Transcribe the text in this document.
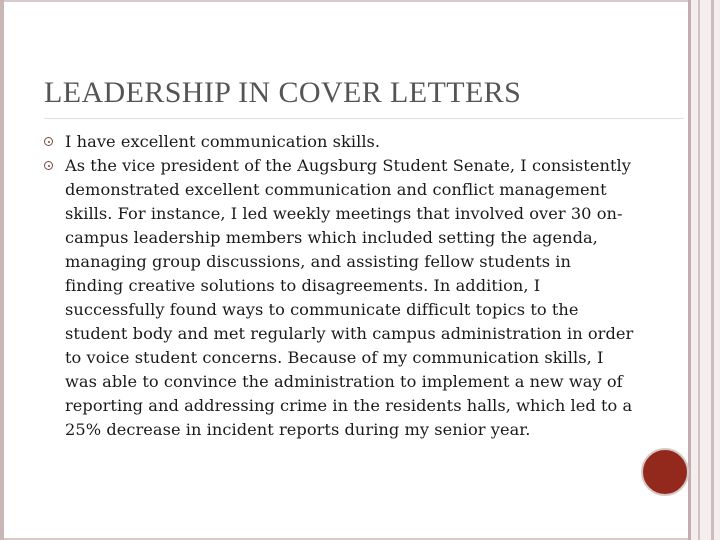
LEADERSHIP IN COVER LETTERS
I have excellent communication skills.
As the vice president of the Augsburg Student Senate, I consistently demonstrated excellent communication and conflict management skills. For instance, I led weekly meetings that involved over 30 on-campus leadership members which included setting the agenda, managing group discussions, and assisting fellow students in finding creative solutions to disagreements. In addition, I successfully found ways to communicate difficult topics to the student body and met regularly with campus administration in order to voice student concerns. Because of my communication skills, I was able to convince the administration to implement a new way of reporting and addressing crime in the residents halls, which led to a 25% decrease in incident reports during my senior year.
